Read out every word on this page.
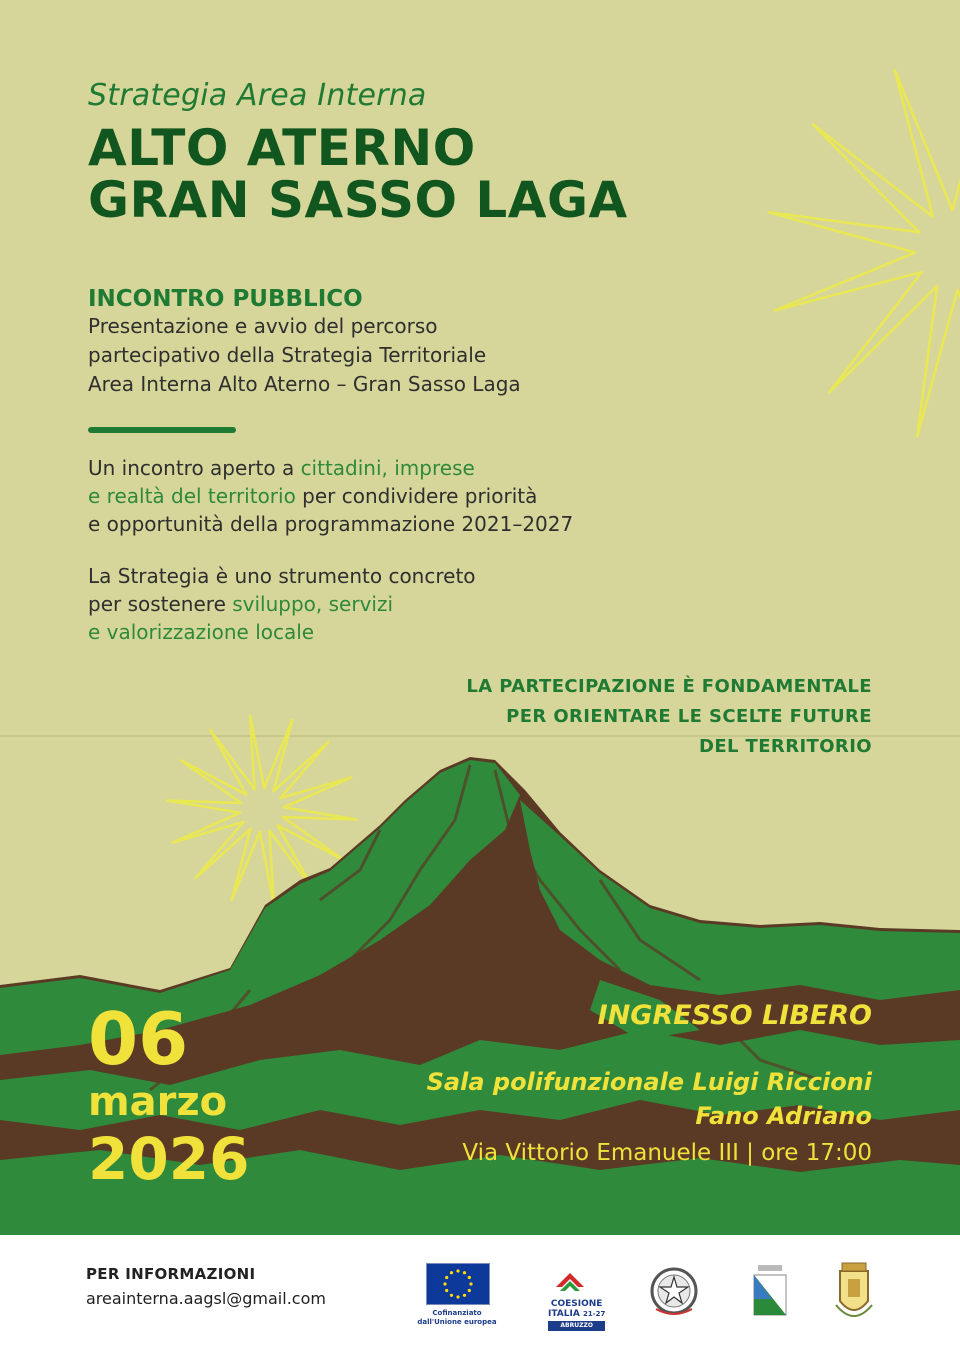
Strategia Area Interna
ALTO ATERNO
GRAN SASSO LAGA
INCONTRO PUBBLICO
Presentazione e avvio del percorso
partecipativo della Strategia Territoriale
Area Interna Alto Aterno – Gran Sasso Laga
Un incontro aperto a cittadini, imprese
e realtà del territorio per condividere priorità
e opportunità della programmazione 2021–2027
La Strategia è uno strumento concreto
per sostenere sviluppo, servizi
e valorizzazione locale
LA PARTECIPAZIONE È FONDAMENTALE
PER ORIENTARE LE SCELTE FUTURE
DEL TERRITORIO
06
marzo
2026
INGRESSO LIBERO
Sala polifunzionale Luigi Riccioni
Fano Adriano
Via Vittorio Emanuele III | ore 17:00
PER INFORMAZIONI
areainterna.aagsl@gmail.com
Cofinanziato
dall'Unione europea
COESIONE
ITALIA 21-27
ABRUZZO
